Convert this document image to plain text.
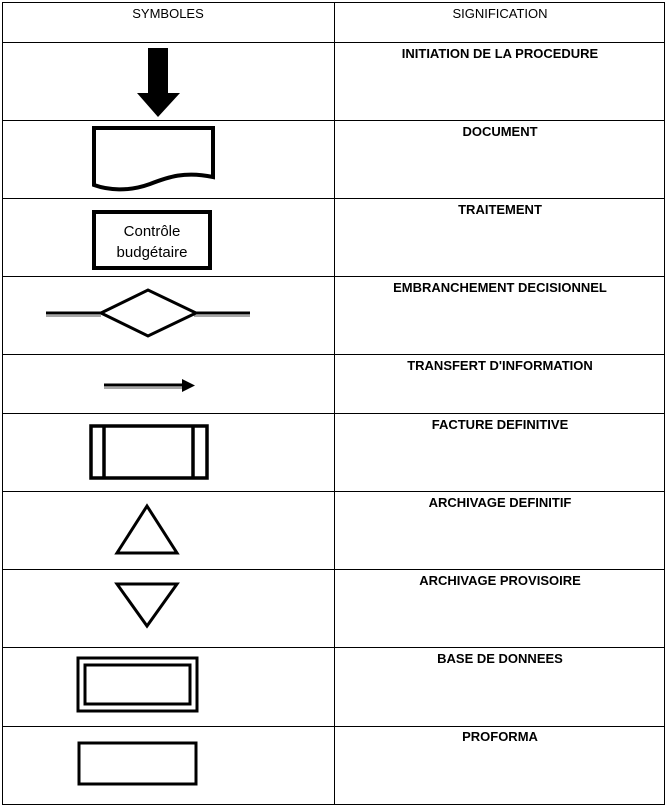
SYMBOLES	SIGNIFICATION
INITIATION DE LA PROCEDURE
DOCUMENT
Contrôle
budgétaire
TRAITEMENT
EMBRANCHEMENT DECISIONNEL
TRANSFERT D'INFORMATION
FACTURE DEFINITIVE
ARCHIVAGE DEFINITIF
ARCHIVAGE PROVISOIRE
BASE DE DONNEES
PROFORMA
